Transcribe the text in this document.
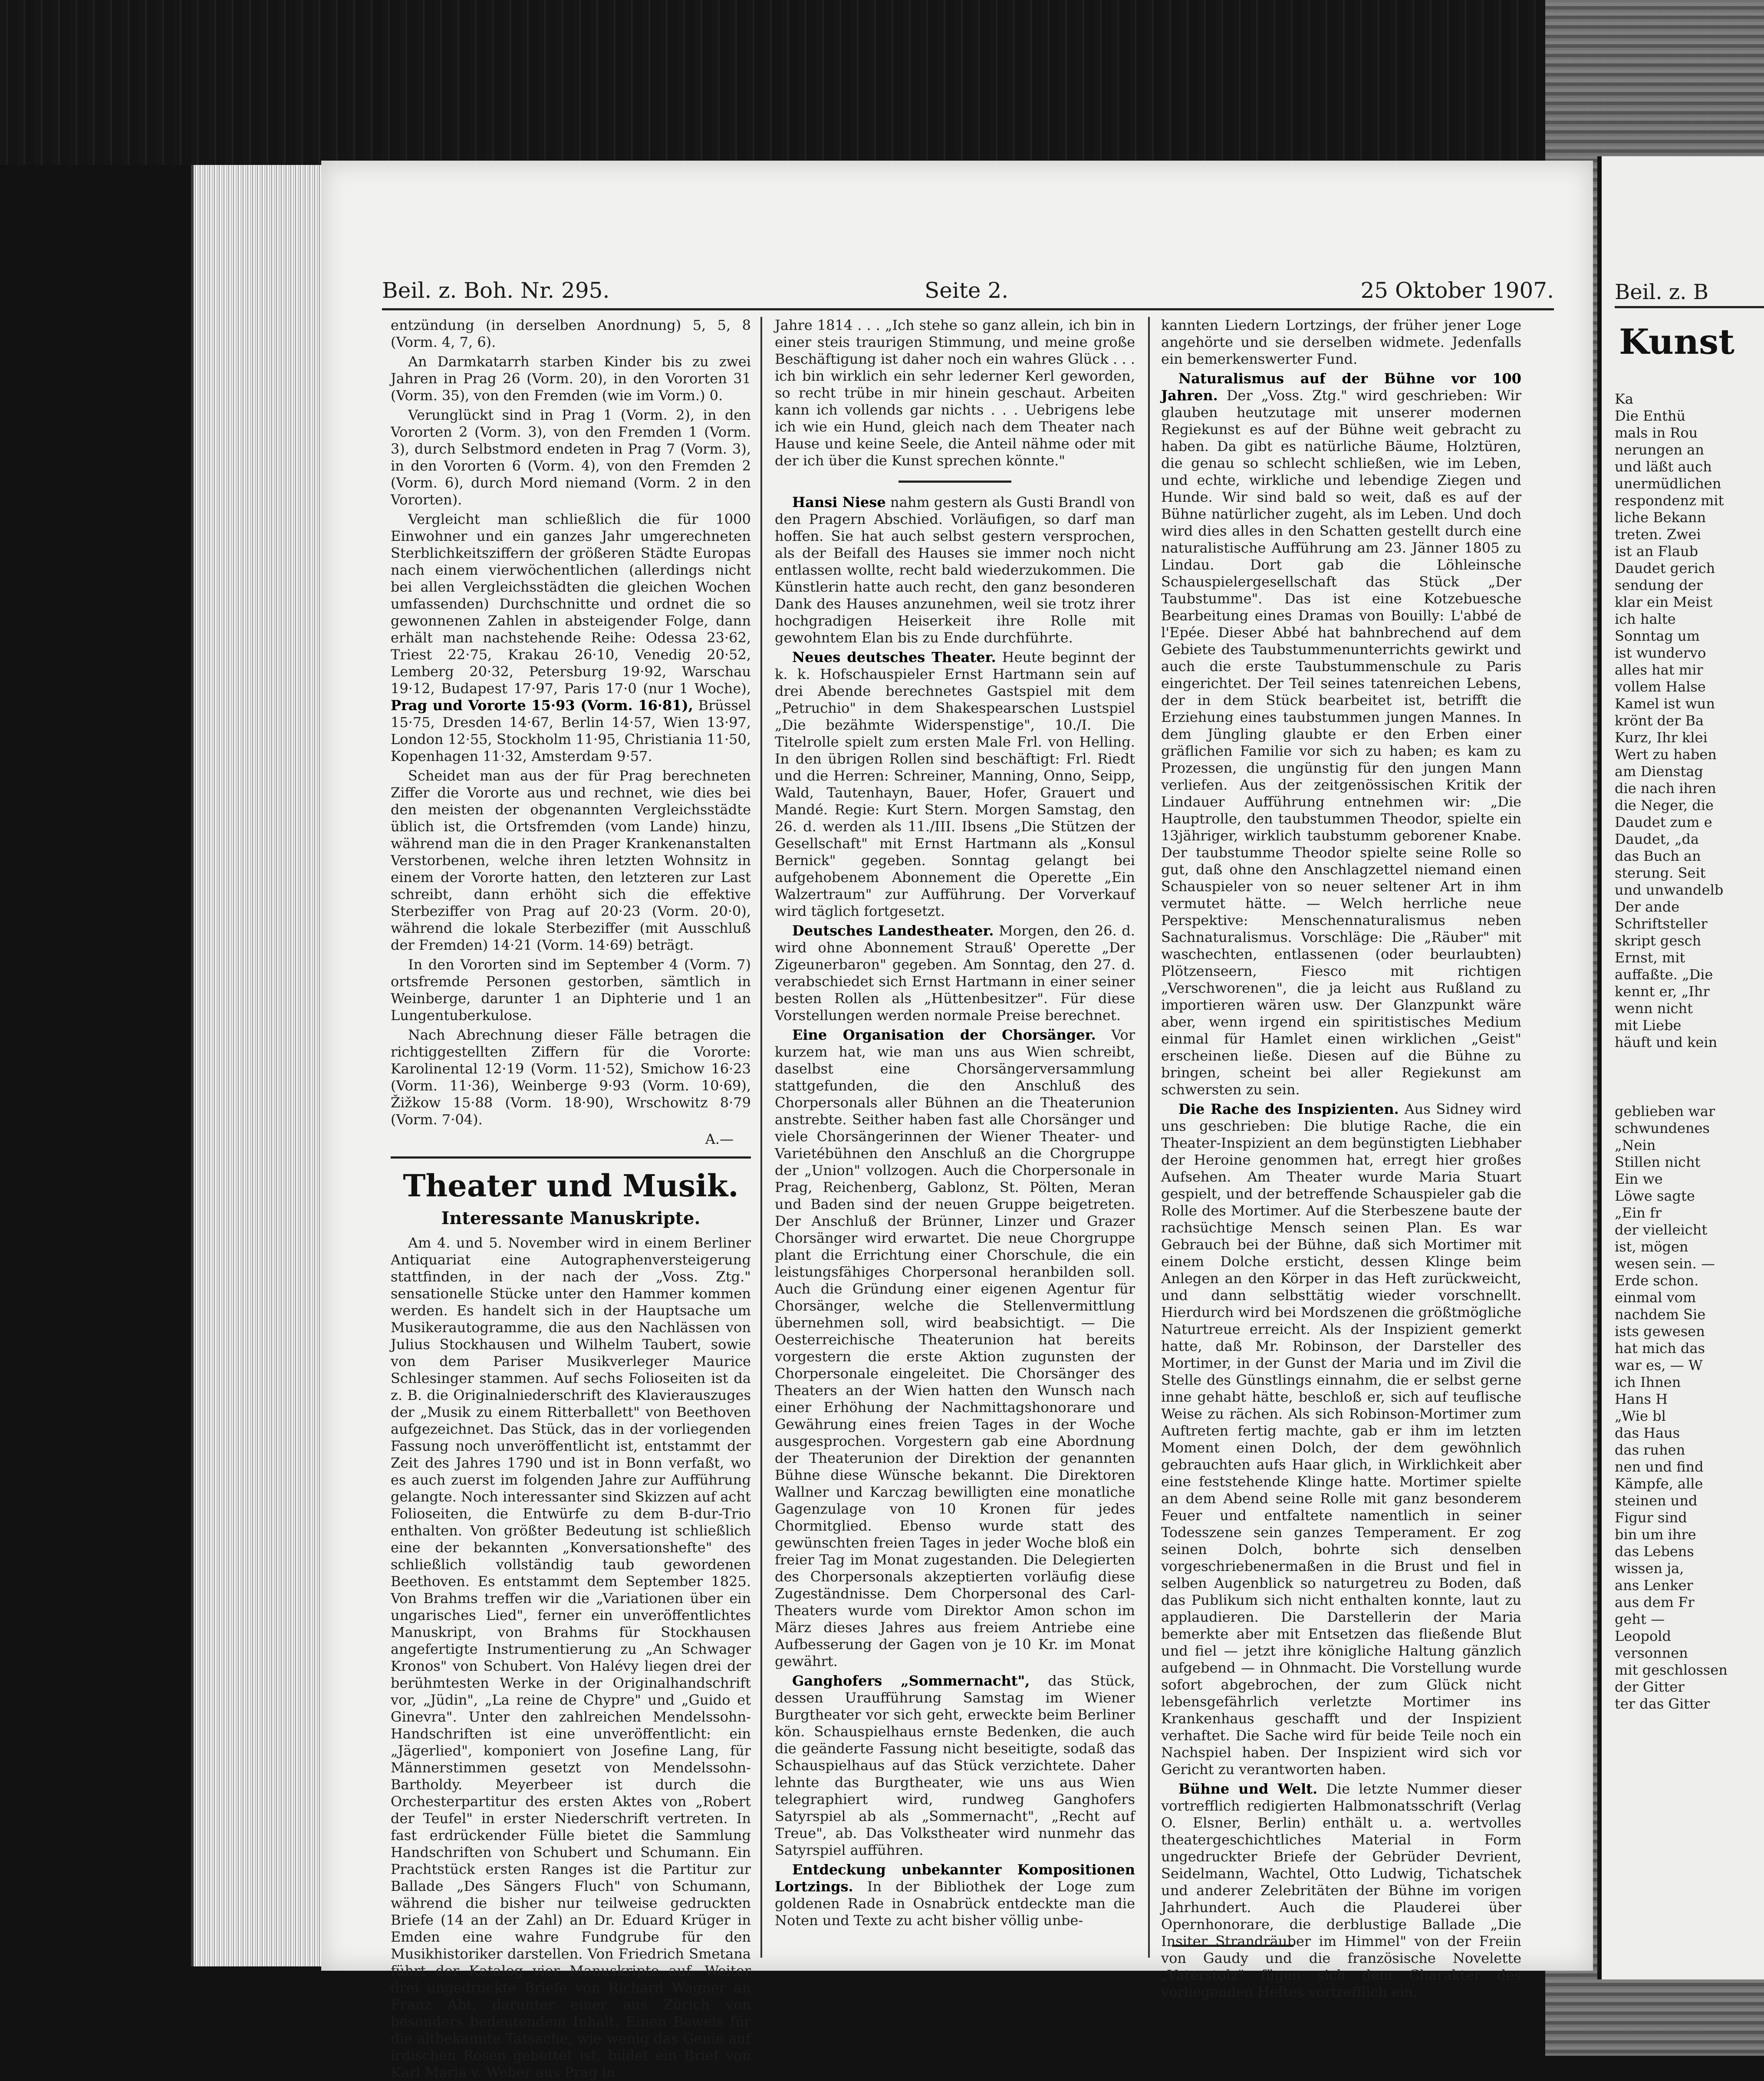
Beil. z. Boh. Nr. 295.	Seite 2.	25 Oktober 1907.

entzündung (in derselben Anordnung) 5, 5, 8 (Vorm. 4, 7, 6).

An Darmkatarrh starben Kinder bis zu zwei Jahren in Prag 26 (Vorm. 20), in den Vororten 31 (Vorm. 35), von den Fremden (wie im Vorm.) 0.

Verunglückt sind in Prag 1 (Vorm. 2), in den Vororten 2 (Vorm. 3), von den Fremden 1 (Vorm. 3), durch Selbstmord endeten in Prag 7 (Vorm. 3), in den Vororten 6 (Vorm. 4), von den Fremden 2 (Vorm. 6), durch Mord niemand (Vorm. 2 in den Vororten).

Vergleicht man schließlich die für 1000 Einwohner und ein ganzes Jahr umgerechneten Sterblichkeitsziffern der größeren Städte Europas nach einem vierwöchentlichen (allerdings nicht bei allen Vergleichsstädten die gleichen Wochen umfassenden) Durchschnitte und ordnet die so gewonnenen Zahlen in absteigender Folge, dann erhält man nachstehende Reihe: Odessa 23·62, Triest 22·75, Krakau 26·10, Venedig 20·52, Lemberg 20·32, Petersburg 19·92, Warschau 19·12, Budapest 17·97, Paris 17·0 (nur 1 Woche), Prag und Vororte 15·93 (Vorm. 16·81), Brüssel 15·75, Dresden 14·67, Berlin 14·57, Wien 13·97, London 12·55, Stockholm 11·95, Christiania 11·50, Kopenhagen 11·32, Amsterdam 9·57.

Scheidet man aus der für Prag berechneten Ziffer die Vororte aus und rechnet, wie dies bei den meisten der obgenannten Vergleichsstädte üblich ist, die Ortsfremden (vom Lande) hinzu, während man die in den Prager Krankenanstalten Verstorbenen, welche ihren letzten Wohnsitz in einem der Vororte hatten, den letzteren zur Last schreibt, dann erhöht sich die effektive Sterbeziffer von Prag auf 20·23 (Vorm. 20·0), während die lokale Sterbeziffer (mit Ausschluß der Fremden) 14·21 (Vorm. 14·69) beträgt.

In den Vororten sind im September 4 (Vorm. 7) ortsfremde Personen gestorben, sämtlich in Weinberge, darunter 1 an Diphterie und 1 an Lungentuberkulose.

Nach Abrechnung dieser Fälle betragen die richtiggestellten Ziffern für die Vororte: Karolinental 12·19 (Vorm. 11·52), Smichow 16·23 (Vorm. 11·36), Weinberge 9·93 (Vorm. 10·69), Žižkow 15·88 (Vorm. 18·90), Wrschowitz 8·79 (Vorm. 7·04).

A.—

Theater und Musik.
Interessante Manuskripte.

Am 4. und 5. November wird in einem Berliner Antiquariat eine Autographenversteigerung stattfinden, in der nach der „Voss. Ztg." sensationelle Stücke unter den Hammer kommen werden. Es handelt sich in der Hauptsache um Musikerautogramme, die aus den Nachlässen von Julius Stockhausen und Wilhelm Taubert, sowie von dem Pariser Musikverleger Maurice Schlesinger stammen. Auf sechs Folioseiten ist da z. B. die Originalniederschrift des Klavierauszuges der „Musik zu einem Ritterballett" von Beethoven aufgezeichnet. Das Stück, das in der vorliegenden Fassung noch unveröffentlicht ist, entstammt der Zeit des Jahres 1790 und ist in Bonn verfaßt, wo es auch zuerst im folgenden Jahre zur Aufführung gelangte. Noch interessanter sind Skizzen auf acht Folioseiten, die Entwürfe zu dem B-dur-Trio enthalten. Von größter Bedeutung ist schließlich eine der bekannten „Konversationshefte" des schließlich vollständig taub gewordenen Beethoven. Es entstammt dem September 1825. Von Brahms treffen wir die „Variationen über ein ungarisches Lied", ferner ein unveröffentlichtes Manuskript, von Brahms für Stockhausen angefertigte Instrumentierung zu „An Schwager Kronos" von Schubert. Von Halévy liegen drei der berühmtesten Werke in der Originalhandschrift vor, „Jüdin", „La reine de Chypre" und „Guido et Ginevra". Unter den zahlreichen Mendelssohn-Handschriften ist eine unveröffentlicht: ein „Jägerlied", komponiert von Josefine Lang, für Männerstimmen gesetzt von Mendelssohn-Bartholdy. Meyerbeer ist durch die Orchesterpartitur des ersten Aktes von „Robert der Teufel" in erster Niederschrift vertreten. In fast erdrückender Fülle bietet die Sammlung Handschriften von Schubert und Schumann. Ein Prachtstück ersten Ranges ist die Partitur zur Ballade „Des Sängers Fluch" von Schumann, während die bisher nur teilweise gedruckten Briefe (14 an der Zahl) an Dr. Eduard Krüger in Emden eine wahre Fundgrube für den Musikhistoriker darstellen. Von Friedrich Smetana führt der Katalog vier Manuskripte auf. Weiter drei ungedruckte Briefe von Richard Wagner an Franz Abt, darunter einer aus Zürich von besonders bedeutendem Inhalt. Einen Beweis für die altbekannte Tatsache, wie wenig das Genie auf irdischen Rosen gebettet ist, bildet ein Brief von Karl Maria v. Weber aus Prag in

Jahre 1814 . . . „Ich stehe so ganz allein, ich bin in einer steis traurigen Stimmung, und meine große Beschäftigung ist daher noch ein wahres Glück . . . ich bin wirklich ein sehr lederner Kerl geworden, so recht trübe in mir hinein geschaut. Arbeiten kann ich vollends gar nichts . . . Uebrigens lebe ich wie ein Hund, gleich nach dem Theater nach Hause und keine Seele, die Anteil nähme oder mit der ich über die Kunst sprechen könnte."

Hansi Niese nahm gestern als Gusti Brandl von den Pragern Abschied. Vorläufigen, so darf man hoffen. Sie hat auch selbst gestern versprochen, als der Beifall des Hauses sie immer noch nicht entlassen wollte, recht bald wiederzukommen. Die Künstlerin hatte auch recht, den ganz besonderen Dank des Hauses anzunehmen, weil sie trotz ihrer hochgradigen Heiserkeit ihre Rolle mit gewohntem Elan bis zu Ende durchführte.

Neues deutsches Theater. Heute beginnt der k. k. Hofschauspieler Ernst Hartmann sein auf drei Abende berechnetes Gastspiel mit dem „Petruchio" in dem Shakespearschen Lustspiel „Die bezähmte Widerspenstige", 10./I. Die Titelrolle spielt zum ersten Male Frl. von Helling. In den übrigen Rollen sind beschäftigt: Frl. Riedt und die Herren: Schreiner, Manning, Onno, Seipp, Wald, Tautenhayn, Bauer, Hofer, Grauert und Mandé. Regie: Kurt Stern. Morgen Samstag, den 26. d. werden als 11./III. Ibsens „Die Stützen der Gesellschaft" mit Ernst Hartmann als „Konsul Bernick" gegeben. Sonntag gelangt bei aufgehobenem Abonnement die Operette „Ein Walzertraum" zur Aufführung. Der Vorverkauf wird täglich fortgesetzt.

Deutsches Landestheater. Morgen, den 26. d. wird ohne Abonnement Strauß' Operette „Der Zigeunerbaron" gegeben. Am Sonntag, den 27. d. verabschiedet sich Ernst Hartmann in einer seiner besten Rollen als „Hüttenbesitzer". Für diese Vorstellungen werden normale Preise berechnet.

Eine Organisation der Chorsänger. Vor kurzem hat, wie man uns aus Wien schreibt, daselbst eine Chorsängerversammlung stattgefunden, die den Anschluß des Chorpersonals aller Bühnen an die Theaterunion anstrebte. Seither haben fast alle Chorsänger und viele Chorsängerinnen der Wiener Theater- und Varietébühnen den Anschluß an die Chorgruppe der „Union" vollzogen. Auch die Chorpersonale in Prag, Reichenberg, Gablonz, St. Pölten, Meran und Baden sind der neuen Gruppe beigetreten. Der Anschluß der Brünner, Linzer und Grazer Chorsänger wird erwartet. Die neue Chorgruppe plant die Errichtung einer Chorschule, die ein leistungsfähiges Chorpersonal heranbilden soll. Auch die Gründung einer eigenen Agentur für Chorsänger, welche die Stellenvermittlung übernehmen soll, wird beabsichtigt. — Die Oesterreichische Theaterunion hat bereits vorgestern die erste Aktion zugunsten der Chorpersonale eingeleitet. Die Chorsänger des Theaters an der Wien hatten den Wunsch nach einer Erhöhung der Nachmittagshonorare und Gewährung eines freien Tages in der Woche ausgesprochen. Vorgestern gab eine Abordnung der Theaterunion der Direktion der genannten Bühne diese Wünsche bekannt. Die Direktoren Wallner und Karczag bewilligten eine monatliche Gagenzulage von 10 Kronen für jedes Chormitglied. Ebenso wurde statt des gewünschten freien Tages in jeder Woche bloß ein freier Tag im Monat zugestanden. Die Delegierten des Chorpersonals akzeptierten vorläufig diese Zugeständnisse. Dem Chorpersonal des Carl-Theaters wurde vom Direktor Amon schon im März dieses Jahres aus freiem Antriebe eine Aufbesserung der Gagen von je 10 Kr. im Monat gewährt.

Ganghofers „Sommernacht", das Stück, dessen Uraufführung Samstag im Wiener Burgtheater vor sich geht, erweckte beim Berliner kön. Schauspielhaus ernste Bedenken, die auch die geänderte Fassung nicht beseitigte, sodaß das Schauspielhaus auf das Stück verzichtete. Daher lehnte das Burgtheater, wie uns aus Wien telegraphiert wird, rundweg Ganghofers Satyrspiel ab als „Sommernacht", „Recht auf Treue", ab. Das Volkstheater wird nunmehr das Satyrspiel aufführen.

Entdeckung unbekannter Kompositionen Lortzings. In der Bibliothek der Loge zum goldenen Rade in Osnabrück entdeckte man die Noten und Texte zu acht bisher völlig unbe-

kannten Liedern Lortzings, der früher jener Loge angehörte und sie derselben widmete. Jedenfalls ein bemerkenswerter Fund.

Naturalismus auf der Bühne vor 100 Jahren. Der „Voss. Ztg." wird geschrieben: Wir glauben heutzutage mit unserer modernen Regiekunst es auf der Bühne weit gebracht zu haben. Da gibt es natürliche Bäume, Holztüren, die genau so schlecht schließen, wie im Leben, und echte, wirkliche und lebendige Ziegen und Hunde. Wir sind bald so weit, daß es auf der Bühne natürlicher zugeht, als im Leben. Und doch wird dies alles in den Schatten gestellt durch eine naturalistische Aufführung am 23. Jänner 1805 zu Lindau. Dort gab die Löhleinsche Schauspielergesellschaft das Stück „Der Taubstumme". Das ist eine Kotzebuesche Bearbeitung eines Dramas von Bouilly: L'abbé de l'Epée. Dieser Abbé hat bahnbrechend auf dem Gebiete des Taubstummenunterrichts gewirkt und auch die erste Taubstummenschule zu Paris eingerichtet. Der Teil seines tatenreichen Lebens, der in dem Stück bearbeitet ist, betrifft die Erziehung eines taubstummen jungen Mannes. In dem Jüngling glaubte er den Erben einer gräflichen Familie vor sich zu haben; es kam zu Prozessen, die ungünstig für den jungen Mann verliefen. Aus der zeitgenössischen Kritik der Lindauer Aufführung entnehmen wir: „Die Hauptrolle, den taubstummen Theodor, spielte ein 13jähriger, wirklich taubstumm geborener Knabe. Der taubstumme Theodor spielte seine Rolle so gut, daß ohne den Anschlagzettel niemand einen Schauspieler von so neuer seltener Art in ihm vermutet hätte. — Welch herrliche neue Perspektive: Menschennaturalismus neben Sachnaturalismus. Vorschläge: Die „Räuber" mit waschechten, entlassenen (oder beurlaubten) Plötzenseern, Fiesco mit richtigen „Verschworenen", die ja leicht aus Rußland zu importieren wären usw. Der Glanzpunkt wäre aber, wenn irgend ein spiritistisches Medium einmal für Hamlet einen wirklichen „Geist" erscheinen ließe. Diesen auf die Bühne zu bringen, scheint bei aller Regiekunst am schwersten zu sein.

Die Rache des Inspizienten. Aus Sidney wird uns geschrieben: Die blutige Rache, die ein Theater-Inspizient an dem begünstigten Liebhaber der Heroine genommen hat, erregt hier großes Aufsehen. Am Theater wurde Maria Stuart gespielt, und der betreffende Schauspieler gab die Rolle des Mortimer. Auf die Sterbeszene baute der rachsüchtige Mensch seinen Plan. Es war Gebrauch bei der Bühne, daß sich Mortimer mit einem Dolche ersticht, dessen Klinge beim Anlegen an den Körper in das Heft zurückweicht, und dann selbsttätig wieder vorschnellt. Hierdurch wird bei Mordszenen die größtmögliche Naturtreue erreicht. Als der Inspizient gemerkt hatte, daß Mr. Robinson, der Darsteller des Mortimer, in der Gunst der Maria und im Zivil die Stelle des Günstlings einnahm, die er selbst gerne inne gehabt hätte, beschloß er, sich auf teuflische Weise zu rächen. Als sich Robinson-Mortimer zum Auftreten fertig machte, gab er ihm im letzten Moment einen Dolch, der dem gewöhnlich gebrauchten aufs Haar glich, in Wirklichkeit aber eine feststehende Klinge hatte. Mortimer spielte an dem Abend seine Rolle mit ganz besonderem Feuer und entfaltete namentlich in seiner Todesszene sein ganzes Temperament. Er zog seinen Dolch, bohrte sich denselben vorgeschriebenermaßen in die Brust und fiel in selben Augenblick so naturgetreu zu Boden, daß das Publikum sich nicht enthalten konnte, laut zu applaudieren. Die Darstellerin der Maria bemerkte aber mit Entsetzen das fließende Blut und fiel — jetzt ihre königliche Haltung gänzlich aufgebend — in Ohnmacht. Die Vorstellung wurde sofort abgebrochen, der zum Glück nicht lebensgefährlich verletzte Mortimer ins Krankenhaus geschafft und der Inspizient verhaftet. Die Sache wird für beide Teile noch ein Nachspiel haben. Der Inspizient wird sich vor Gericht zu verantworten haben.

Bühne und Welt. Die letzte Nummer dieser vortrefflich redigierten Halbmonatsschrift (Verlag O. Elsner, Berlin) enthält u. a. wertvolles theatergeschichtliches Material in Form ungedruckter Briefe der Gebrüder Devrient, Seidelmann, Wachtel, Otto Ludwig, Tichatschek und anderer Zelebritäten der Bühne im vorigen Jahrhundert. Auch die Plauderei über Opernhonorare, die derblustige Ballade „Die Insiter Strandräuber im Himmel" von der Freiin von Gaudy und die französische Novelette „Vaterstolz" fügen sich dem Charakter des vorliegenden Heftes vortrefflich ein.

Beil. z. B
Kunst
Ka
Die Enthü
mals in Rou
nerungen an
und läßt auch
unermüdlichen
respondenz mit
liche Bekann
treten. Zwei
ist an Flaub
Daudet gerich
sendung der
klar ein Meist
ich halte
Sonntag um
ist wundervo
alles hat mir
vollem Halse
Kamel ist wun
krönt der Ba
Kurz, Ihr klei
Wert zu haben
am Dienstag
die nach ihren
die Neger, die
Daudet zum e
Daudet, „da
das Buch an
sterung. Seit
und unwandelb
Der ande
Schriftsteller
skript gesch
Ernst, mit
auffaßte. „Die
kennt er, „Ihr
wenn nicht
mit Liebe
häuft und kein
geblieben war
schwundenes
„Nein
Stillen nicht
Ein we
Löwe sagte
„Ein fr
der vielleicht
ist, mögen
wesen sein. —
Erde schon.
einmal vom
nachdem Sie
ists gewesen
hat mich das
war es, — W
ich Ihnen
Hans H
„Wie bl
das Haus
das ruhen
nen und find
Kämpfe, alle
steinen und
Figur sind
bin um ihre
das Lebens
wissen ja,
ans Lenker
aus dem Fr
geht —
Leopold
versonnen
mit geschlossen
der Gitter
ter das Gitter
